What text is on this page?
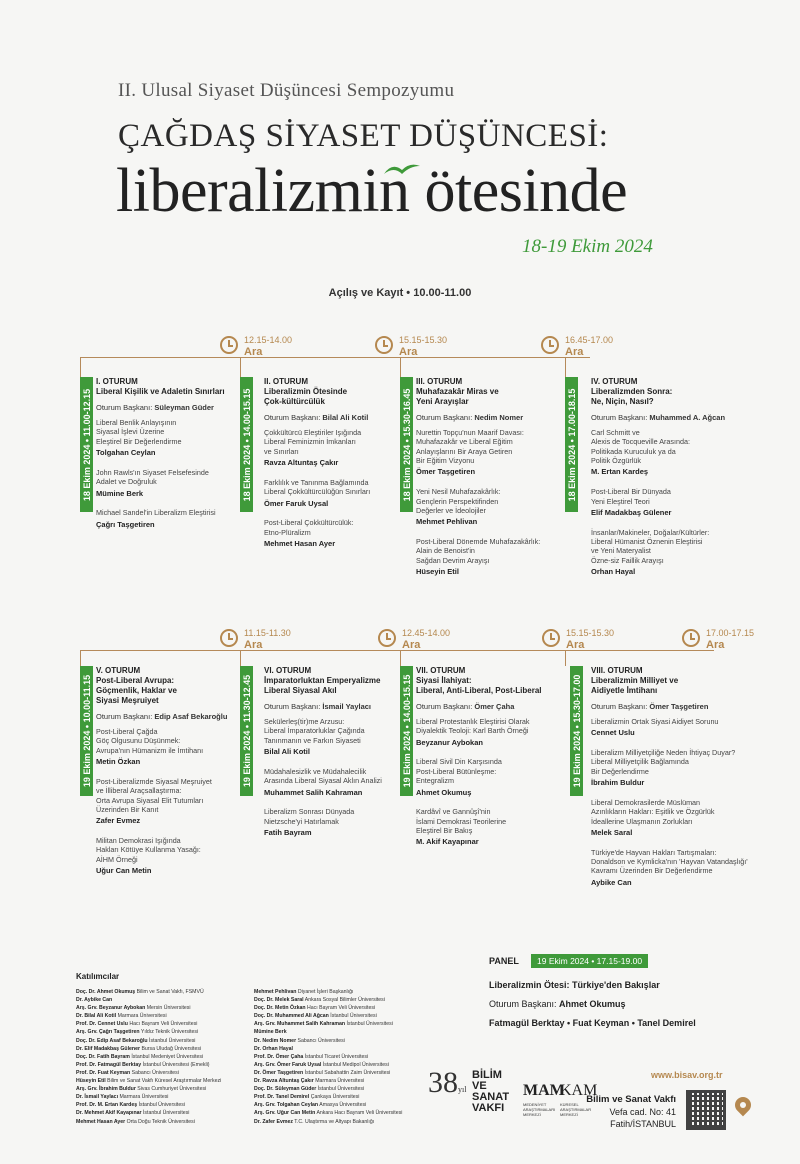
II. Ulusal Siyaset Düşüncesi Sempozyumu
ÇAĞDAŞ SİYASET DÜŞÜNCESİ:
liberalizmin ötesinde
18-19 Ekim 2024
Açılış ve Kayıt • 10.00-11.00
12.15-14.00
Ara
15.15-15.30
Ara
16.45-17.00
Ara
11.15-11.30
Ara
12.45-14.00
Ara
15.15-15.30
Ara
17.00-17.15
Ara
18 Ekim 2024 • 11.00-12.15	18 Ekim 2024 • 14.00-15.15	18 Ekim 2024 • 15.30-16.45	18 Ekim 2024 • 17.00-18.15
19 Ekim 2024 • 10.00-11.15	19 Ekim 2024 • 11.30-12.45	19 Ekim 2024 • 14.00-15.15	19 Ekim 2024 • 15.30-17.00
I. OTURUM
Liberal Kişilik ve Adaletin Sınırları
Oturum Başkanı: Süleyman Güder
Liberal Benlik Anlayışının
Siyasal İşlevi Üzerine
Eleştirel Bir Değerlendirme
Tolgahan Ceylan
John Rawls'ın Siyaset Felsefesinde
Adalet ve Doğruluk
Mümine Berk
Michael Sandel'in Liberalizm Eleştirisi
Çağrı Taşgetiren
II. OTURUM
Liberalizmin Ötesinde
Çok-kültürcülük
Oturum Başkanı: Bilal Ali Kotil
Çokkültürcü Eleştiriler Işığında
Liberal Feminizmin İmkanları
ve Sınırları
Ravza Altuntaş Çakır
Farklılık ve Tanınma Bağlamında
Liberal Çokkültürcülüğün Sınırları
Ömer Faruk Uysal
Post-Liberal Çokkültürcülük:
Etno-Plüralizm
Mehmet Hasan Ayer
III. OTURUM
Muhafazakâr Miras ve
Yeni Arayışlar
Oturum Başkanı: Nedim Nomer
Nurettin Topçu'nun Maarif Davası:
Muhafazakâr ve Liberal Eğitim
Anlayışlarını Bir Araya Getiren
Bir Eğitim Vizyonu
Ömer Taşgetiren
Yeni Nesil Muhafazakârlık:
Gençlerin Perspektifinden
Değerler ve İdeolojiler
Mehmet Pehlivan
Post-Liberal Dönemde Muhafazakârlık:
Alain de Benoist'in
Sağdan Devrim Arayışı
Hüseyin Etil
IV. OTURUM
Liberalizmden Sonra:
Ne, Niçin, Nasıl?
Oturum Başkanı: Muhammed A. Ağcan
Carl Schmitt ve
Alexis de Tocqueville Arasında:
Politikada Kuruculuk ya da
Politik Özgürlük
M. Ertan Kardeş
Post-Liberal Bir Dünyada
Yeni Eleştirel Teori
Elif Madakbaş Gülener
İnsanlar/Makineler, Doğalar/Kültürler:
Liberal Hümanist Öznenin Eleştirisi
ve Yeni Materyalist
Özne-siz Faillik Arayışı
Orhan Hayal
V. OTURUM
Post-Liberal Avrupa:
Göçmenlik, Haklar ve
Siyasi Meşruiyet
Oturum Başkanı: Edip Asaf Bekaroğlu
Post-Liberal Çağda
Göç Olgusunu Düşünmek:
Avrupa'nın Hümanizm ile İmtihanı
Metin Özkan
Post-Liberalizmde Siyasal Meşruiyet
ve İlliberal Araçsallaştırma:
Orta Avrupa Siyasal Elit Tutumları
Üzerinden Bir Kanıt
Zafer Evmez
Militan Demokrasi Işığında
Hakları Kötüye Kullanma Yasağı:
AİHM Örneği
Uğur Can Metin
VI. OTURUM
İmparatorluktan Emperyalizme
Liberal Siyasal Akıl
Oturum Başkanı: İsmail Yaylacı
Sekülerleş(tir)me Arzusu:
Liberal İmparatorluklar Çağında
Tanınmanın ve Farkın Siyaseti
Bilal Ali Kotil
Müdahalesizlik ve Müdahalecilik
Arasında Liberal Siyasal Aklın Analizi
Muhammet Salih Kahraman
Liberalizm Sonrası Dünyada
Nietzsche'yi Hatırlamak
Fatih Bayram
VII. OTURUM
Siyasi İlahiyat:
Liberal, Anti-Liberal, Post-Liberal
Oturum Başkanı: Ömer Çaha
Liberal Protestanlık Eleştirisi Olarak
Diyalektik Teoloji: Karl Barth Örneği
Beyzanur Aybokan
Liberal Sivil Din Karşısında
Post-Liberal Bütünleşme:
Entegralizm
Ahmet Okumuş
Kardâvî ve Gannûşî'nin
İslami Demokrasi Teorilerine
Eleştirel Bir Bakış
M. Akif Kayapınar
VIII. OTURUM
Liberalizmin Milliyet ve
Aidiyetle İmtihanı
Oturum Başkanı: Ömer Taşgetiren
Liberalizmin Ortak Siyasi Aidiyet Sorunu
Cennet Uslu
Liberalizm Milliyetçiliğe Neden İhtiyaç Duyar?
Liberal Milliyetçilik Bağlamında
Bir Değerlendirme
İbrahim Buldur
Liberal Demokrasilerde Müslüman
Azınlıkların Hakları: Eşitlik ve Özgürlük
İdeallerine Ulaşmanın Zorlukları
Melek Saral
Türkiye'de Hayvan Hakları Tartışmaları:
Donaldson ve Kymlicka'nın 'Hayvan Vatandaşlığı'
Kavramı Üzerinden Bir Değerlendirme
Aybike Can
Katılımcılar
Doç. Dr. Ahmet Okumuş Bilim ve Sanat Vakfı, FSMVÜ
Dr. Aybike Can
Arş. Grv. Beyzanur Aybokan Mersin Üniversitesi
Dr. Bilal Ali Kotil Marmara Üniversitesi
Prof. Dr. Cennet Uslu Hacı Bayram Veli Üniversitesi
Arş. Grv. Çağrı Taşgetiren Yıldız Teknik Üniversitesi
Doç. Dr. Edip Asaf Bekaroğlu İstanbul Üniversitesi
Dr. Elif Madakbaş Gülener Bursa Uludağ Üniversitesi
Doç. Dr. Fatih Bayram İstanbul Medeniyet Üniversitesi
Prof. Dr. Fatmagül Berktay İstanbul Üniversitesi (Emekli)
Prof. Dr. Fuat Keyman Sabancı Üniversitesi
Hüseyin Etil Bilim ve Sanat Vakfı Küresel Araştırmalar Merkezi
Arş. Grv. İbrahim Buldur Sivas Cumhuriyet Üniversitesi
Dr. İsmail Yaylacı Marmara Üniversitesi
Prof. Dr. M. Ertan Kardeş İstanbul Üniversitesi
Dr. Mehmet Akif Kayapınar İstanbul Üniversitesi
Mehmet Hasan Ayer Orta Doğu Teknik Üniversitesi
Mehmet Pehlivan Diyanet İşleri Başkanlığı
Doç. Dr. Melek Saral Ankara Sosyal Bilimler Üniversitesi
Doç. Dr. Metin Özkan Hacı Bayram Veli Üniversitesi
Doç. Dr. Muhammed Ali Ağcan İstanbul Üniversitesi
Arş. Grv. Muhammet Salih Kahraman İstanbul Üniversitesi
Mümine Berk
Dr. Nedim Nomer Sabancı Üniversitesi
Dr. Orhan Hayal
Prof. Dr. Ömer Çaha İstanbul Ticaret Üniversitesi
Arş. Grv. Ömer Faruk Uysal İstanbul Medipol Üniversitesi
Dr. Ömer Taşgetiren İstanbul Sabahattin Zaim Üniversitesi
Dr. Ravza Altuntaş Çakır Marmara Üniversitesi
Doç. Dr. Süleyman Güder İstanbul Üniversitesi
Prof. Dr. Tanel Demirel Çankaya Üniversitesi
Arş. Grv. Tolgahan Ceylan Amasya Üniversitesi
Arş. Grv. Uğur Can Metin Ankara Hacı Bayram Veli Üniversitesi
Dr. Zafer Evmez T.C. Ulaştırma ve Altyapı Bakanlığı
PANEL	19 Ekim 2024 • 17.15-19.00
Liberalizmin Ötesi: Türkiye'den Bakışlar
Oturum Başkanı: Ahmet Okumuş
Fatmagül Berktay • Fuat Keyman • Tanel Demirel
38yıl
BİLİM
VE
SANAT
VAKFI
MAM
MEDENİYET
ARAŞTIRMALARI
MERKEZİ
KAM
KÜRESEL
ARAŞTIRMALAR
MERKEZİ
www.bisav.org.tr
Bilim ve Sanat Vakfı
Vefa cad. No: 41
Fatih/İSTANBUL
